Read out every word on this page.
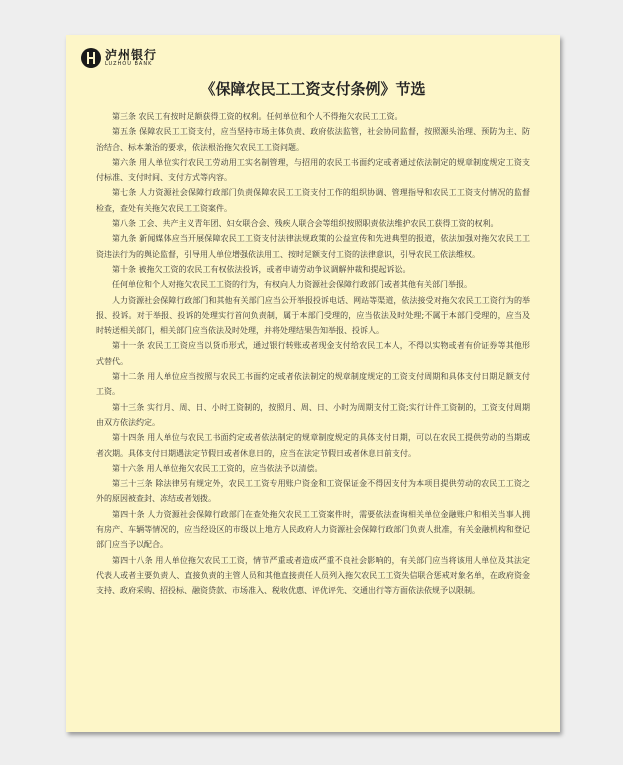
泸州银行
LUZHOU BANK
《保障农民工工资支付条例》节选

第三条 农民工有按时足额获得工资的权利。任何单位和个人不得拖欠农民工工资。

第五条 保障农民工工资支付，应当坚持市场主体负责、政府依法监管，社会协同监督，按照源头治理、预防为主、防治结合、标本兼治的要求，依法根治拖欠农民工工资问题。

第六条 用人单位实行农民工劳动用工实名制管理，与招用的农民工书面约定或者通过依法制定的规章制度规定工资支付标准、支付时间、支付方式等内容。

第七条 人力资源社会保障行政部门负责保障农民工工资支付工作的组织协调、管理指导和农民工工资支付情况的监督检查，查处有关拖欠农民工工资案件。

第八条 工会、共产主义青年团、妇女联合会、残疾人联合会等组织按照职责依法维护农民工获得工资的权利。

第九条 新闻媒体应当开展保障农民工工资支付法律法规政策的公益宣传和先进典型的报道，依法加强对拖欠农民工工资违法行为的舆论监督，引导用人单位增强依法用工、按时足额支付工资的法律意识，引导农民工依法维权。

第十条 被拖欠工资的农民工有权依法投诉，或者申请劳动争议调解仲裁和提起诉讼。

任何单位和个人对拖欠农民工工资的行为，有权向人力资源社会保障行政部门或者其他有关部门举报。

人力资源社会保障行政部门和其他有关部门应当公开举报投诉电话、网站等渠道，依法接受对拖欠农民工工资行为的举报、投诉。对于举报、投诉的处理实行首问负责制，属于本部门受理的，应当依法及时处理;不属于本部门受理的，应当及时转送相关部门，相关部门应当依法及时处理，并将处理结果告知举报、投诉人。

第十一条 农民工工资应当以货币形式，通过银行转账或者现金支付给农民工本人，不得以实物或者有价证券等其他形式替代。

第十二条 用人单位应当按照与农民工书面约定或者依法制定的规章制度规定的工资支付周期和具体支付日期足额支付工资。

第十三条 实行月、周、日、小时工资制的，按照月、周、日、小时为周期支付工资;实行计件工资制的，工资支付周期由双方依法约定。

第十四条 用人单位与农民工书面约定或者依法制定的规章制度规定的具体支付日期，可以在农民工提供劳动的当期或者次期。具体支付日期遇法定节假日或者休息日的，应当在法定节假日或者休息日前支付。

第十六条 用人单位拖欠农民工工资的，应当依法予以清偿。

第三十三条 除法律另有规定外，农民工工资专用账户资金和工资保证金不得因支付为本项目提供劳动的农民工工资之外的原因被查封、冻结或者划拨。

第四十条 人力资源社会保障行政部门在查处拖欠农民工工资案件时，需要依法查询相关单位金融账户和相关当事人拥有房产、车辆等情况的，应当经设区的市级以上地方人民政府人力资源社会保障行政部门负责人批准，有关金融机构和登记部门应当予以配合。

第四十八条 用人单位拖欠农民工工资，情节严重或者造成严重不良社会影响的，有关部门应当将该用人单位及其法定代表人或者主要负责人、直接负责的主管人员和其他直接责任人员列入拖欠农民工工资失信联合惩戒对象名单，在政府资金支持、政府采购、招投标、融资贷款、市场准入、税收优惠、评优评先、交通出行等方面依法依规予以限制。
